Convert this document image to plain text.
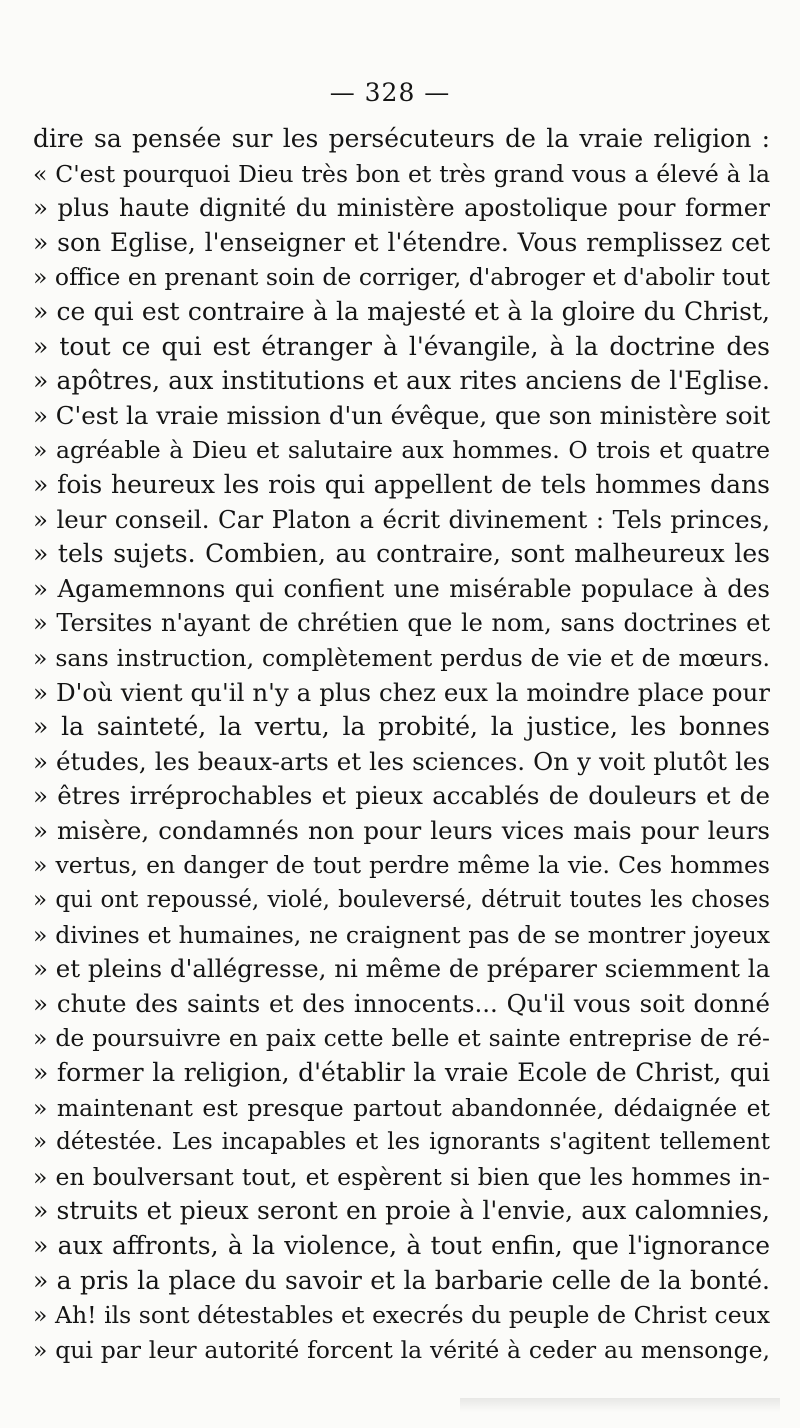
— 328 —
dire sa pensée sur les persécuteurs de la vraie religion :
« C'est pourquoi Dieu très bon et très grand vous a élevé à la
» plus haute dignité du ministère apostolique pour former
» son Eglise, l'enseigner et l'étendre. Vous remplissez cet
» office en prenant soin de corriger, d'abroger et d'abolir tout
» ce qui est contraire à la majesté et à la gloire du Christ,
» tout ce qui est étranger à l'évangile, à la doctrine des
» apôtres, aux institutions et aux rites anciens de l'Eglise.
» C'est la vraie mission d'un évêque, que son ministère soit
» agréable à Dieu et salutaire aux hommes. O trois et quatre
» fois heureux les rois qui appellent de tels hommes dans
» leur conseil. Car Platon a écrit divinement : Tels princes,
» tels sujets. Combien, au contraire, sont malheureux les
» Agamemnons qui confient une misérable populace à des
» Tersites n'ayant de chrétien que le nom, sans doctrines et
» sans instruction, complètement perdus de vie et de mœurs.
» D'où vient qu'il n'y a plus chez eux la moindre place pour
» la sainteté, la vertu, la probité, la justice, les bonnes
» études, les beaux-arts et les sciences. On y voit plutôt les
» êtres irréprochables et pieux accablés de douleurs et de
» misère, condamnés non pour leurs vices mais pour leurs
» vertus, en danger de tout perdre même la vie. Ces hommes
» qui ont repoussé, violé, bouleversé, détruit toutes les choses
» divines et humaines, ne craignent pas de se montrer joyeux
» et pleins d'allégresse, ni même de préparer sciemment la
» chute des saints et des innocents... Qu'il vous soit donné
» de poursuivre en paix cette belle et sainte entreprise de ré-
» former la religion, d'établir la vraie Ecole de Christ, qui
» maintenant est presque partout abandonnée, dédaignée et
» détestée. Les incapables et les ignorants s'agitent tellement
» en boulversant tout, et espèrent si bien que les hommes in-
» struits et pieux seront en proie à l'envie, aux calomnies,
» aux affronts, à la violence, à tout enfin, que l'ignorance
» a pris la place du savoir et la barbarie celle de la bonté.
» Ah! ils sont détestables et execrés du peuple de Christ ceux
» qui par leur autorité forcent la vérité à ceder au mensonge,
